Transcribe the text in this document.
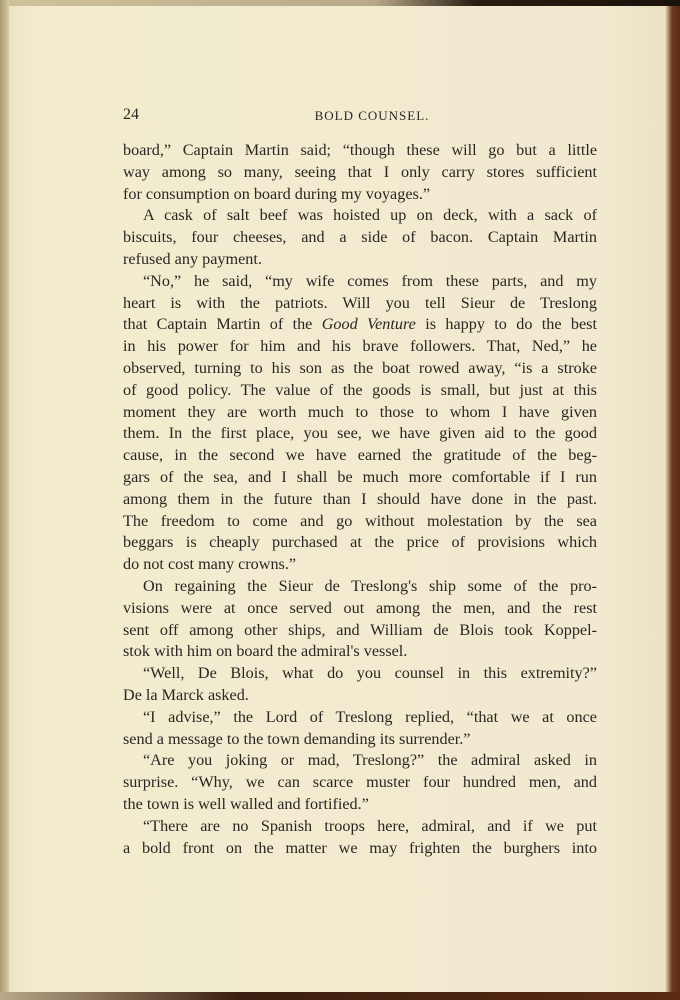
24	BOLD COUNSEL.
board,” Captain Martin said; “though these will go but a little
way among so many, seeing that I only carry stores sufficient
for consumption on board during my voyages.”
A cask of salt beef was hoisted up on deck, with a sack of
biscuits, four cheeses, and a side of bacon. Captain Martin
refused any payment.
“No,” he said, “my wife comes from these parts, and my
heart is with the patriots. Will you tell Sieur de Treslong
that Captain Martin of the Good Venture is happy to do the best
in his power for him and his brave followers. That, Ned,” he
observed, turning to his son as the boat rowed away, “is a stroke
of good policy. The value of the goods is small, but just at this
moment they are worth much to those to whom I have given
them. In the first place, you see, we have given aid to the good
cause, in the second we have earned the gratitude of the beg-
gars of the sea, and I shall be much more comfortable if I run
among them in the future than I should have done in the past.
The freedom to come and go without molestation by the sea
beggars is cheaply purchased at the price of provisions which
do not cost many crowns.”
On regaining the Sieur de Treslong's ship some of the pro-
visions were at once served out among the men, and the rest
sent off among other ships, and William de Blois took Koppel-
stok with him on board the admiral's vessel.
“Well, De Blois, what do you counsel in this extremity?”
De la Marck asked.
“I advise,” the Lord of Treslong replied, “that we at once
send a message to the town demanding its surrender.”
“Are you joking or mad, Treslong?” the admiral asked in
surprise. “Why, we can scarce muster four hundred men, and
the town is well walled and fortified.”
“There are no Spanish troops here, admiral, and if we put
a bold front on the matter we may frighten the burghers into
